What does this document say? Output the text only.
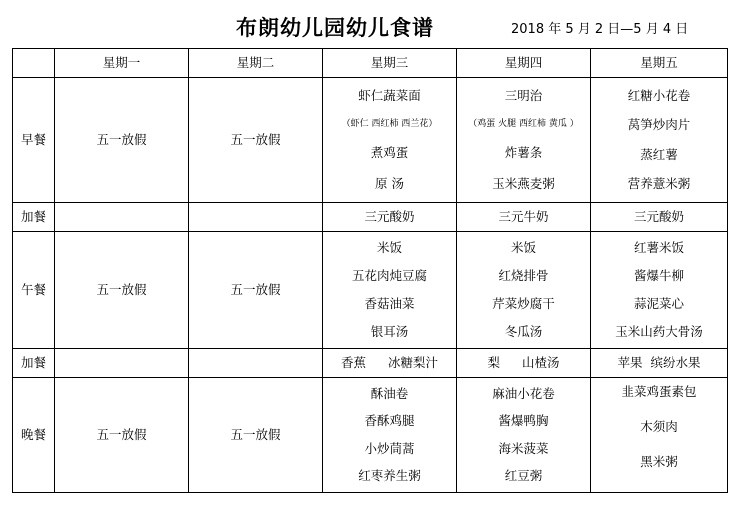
布朗幼儿园幼儿食谱	2018 年 5 月 2 日—5 月 4 日
	星期一	星期二	星期三	星期四	星期五
早餐	五一放假	五一放假	虾仁蔬菜面
（虾仁 西红柿 西兰花）
煮鸡蛋
原 汤	三明治
（鸡蛋 火腿 西红柿 黄瓜 ）
炸薯条
玉米燕麦粥	红糖小花卷
莴笋炒肉片
蒸红薯
营养薏米粥

加餐			三元酸奶	三元牛奶	三元酸奶
午餐	五一放假	五一放假	米饭
五花肉炖豆腐
香菇油菜
银耳汤	米饭
红烧排骨
芹菜炒腐干
冬瓜汤	红薯米饭
酱爆牛柳
蒜泥菜心
玉米山药大骨汤

加餐			香蕉 冰糖梨汁	梨 山楂汤	苹果 缤纷水果

晚餐	五一放假	五一放假	酥油卷
香酥鸡腿
小炒茼蒿
红枣养生粥	麻油小花卷
酱爆鸭胸
海米菠菜
红豆粥	韭菜鸡蛋素包
木须肉
黑米粥
